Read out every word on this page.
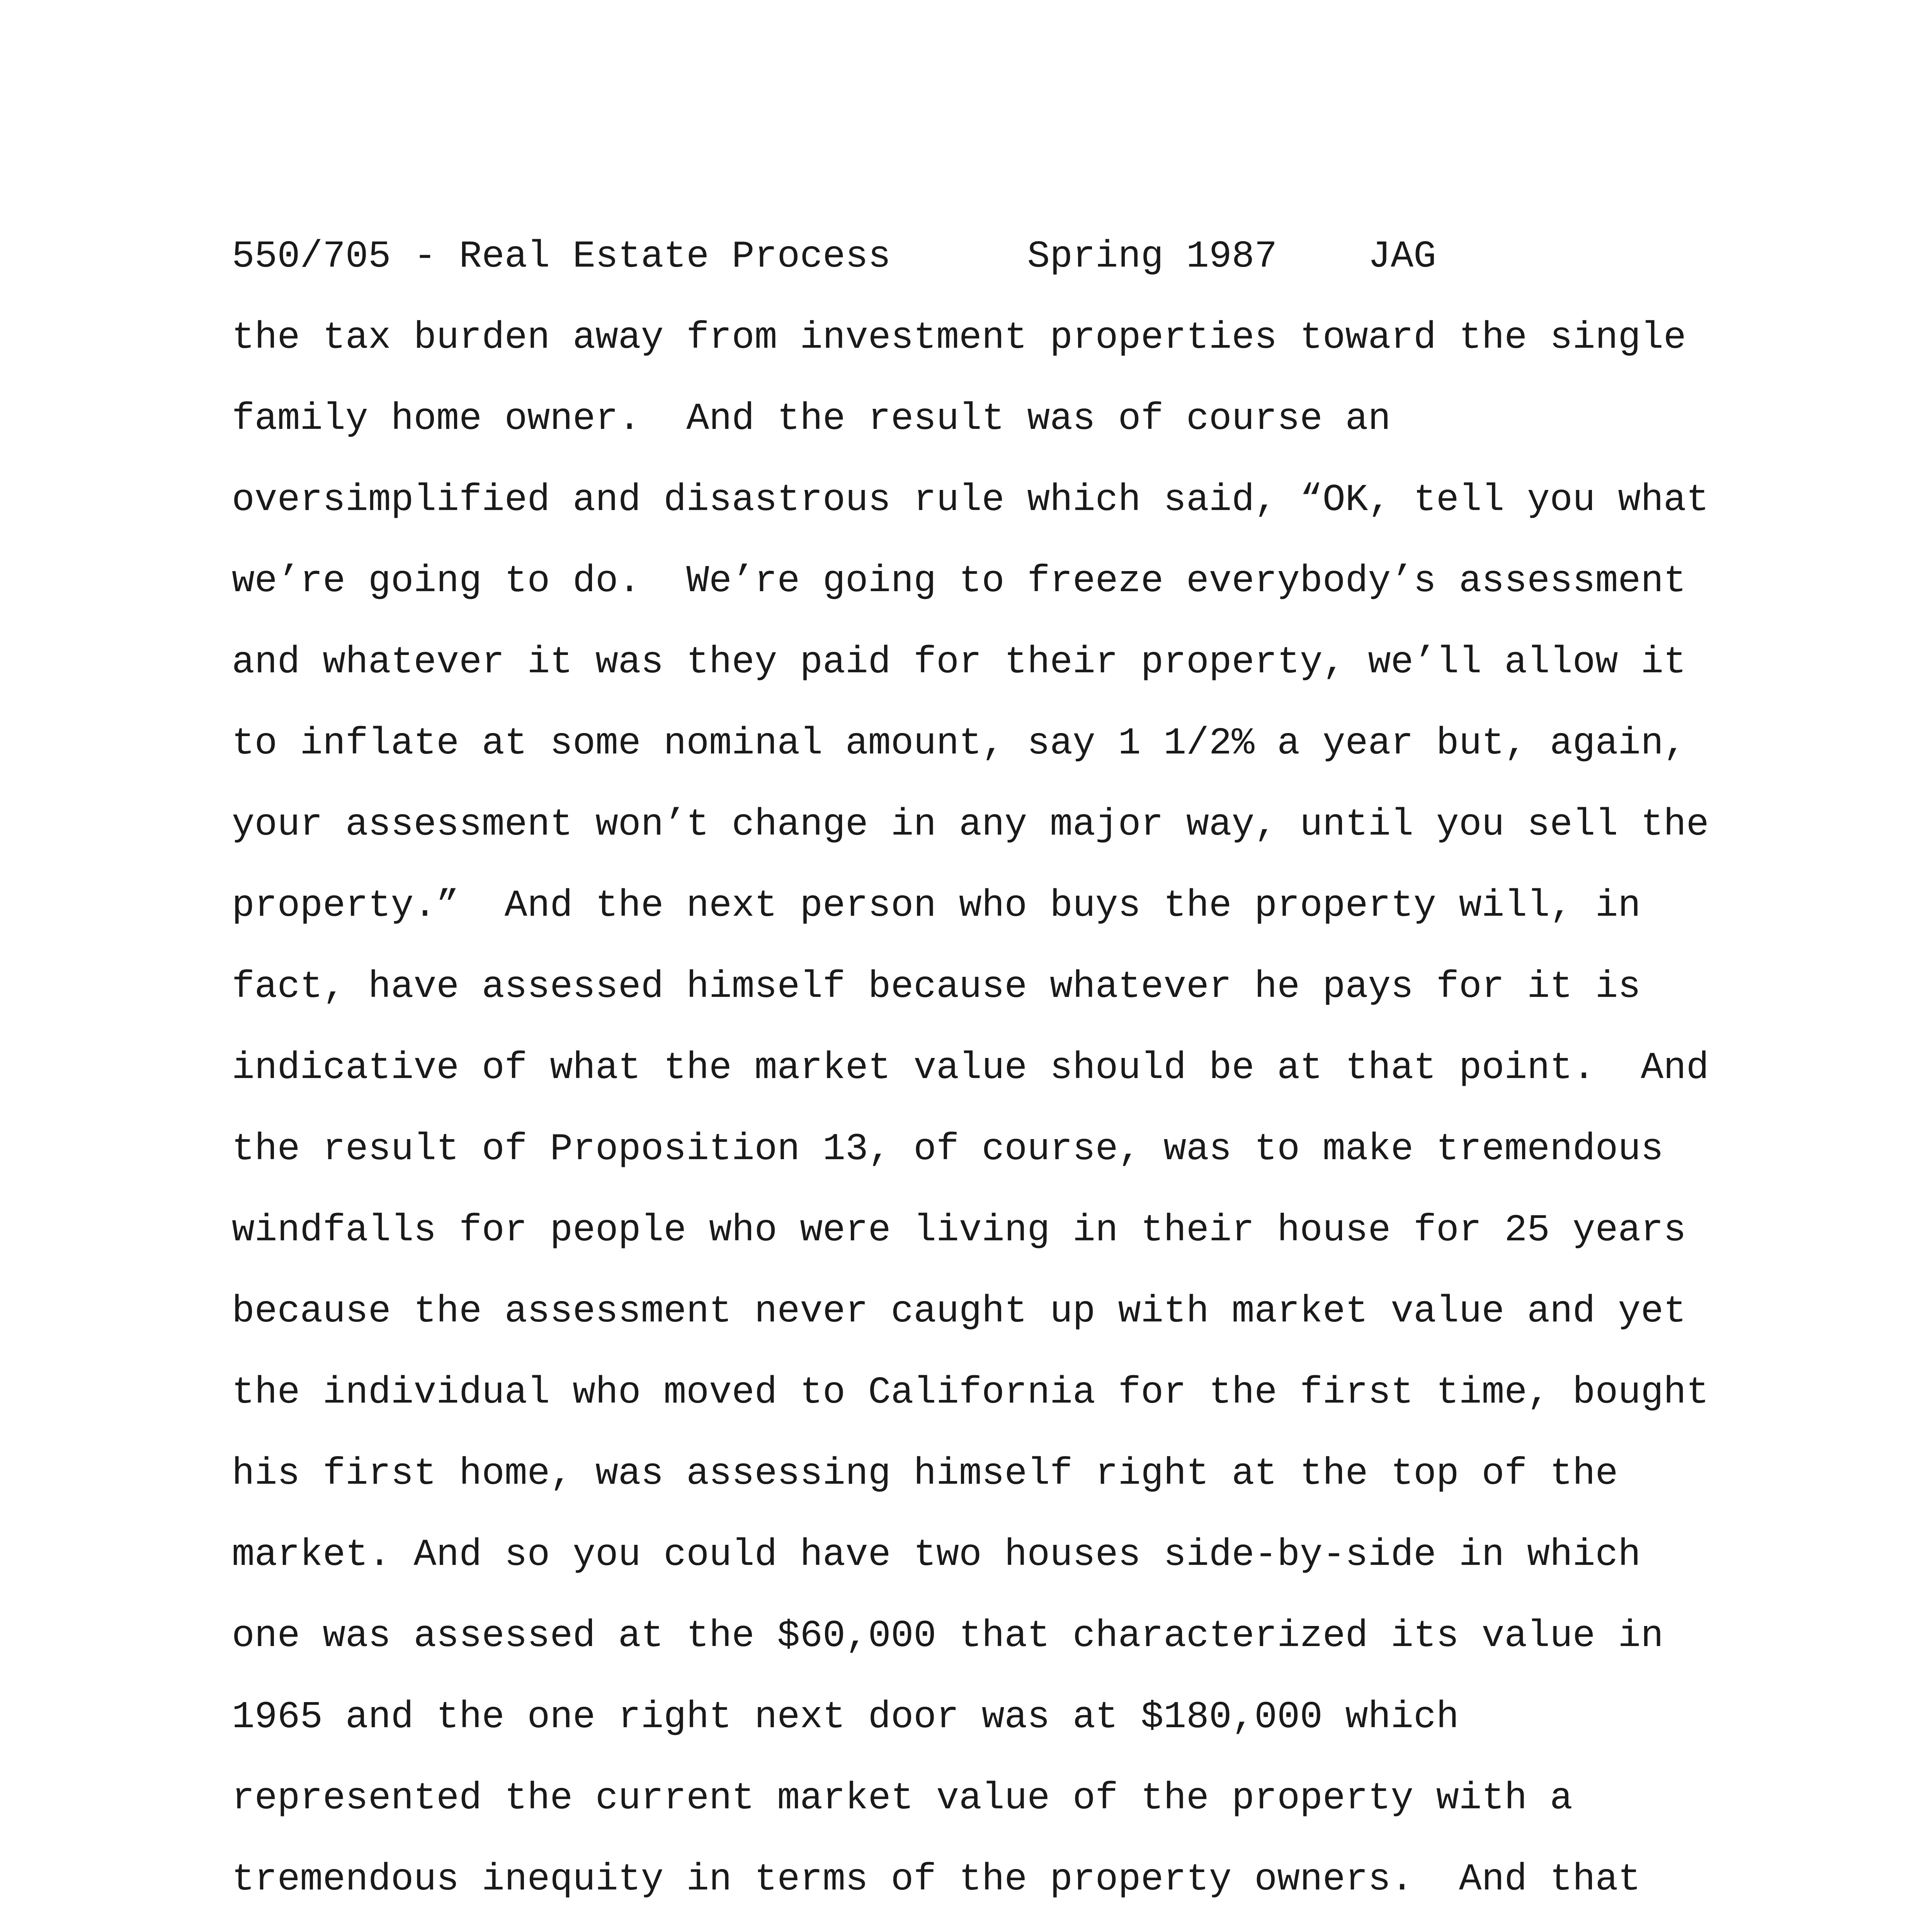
550/705 - Real Estate Process	Spring 1987 JAG
the tax burden away from investment properties toward the single
family home owner.  And the result was of course an
oversimplified and disastrous rule which said, “OK, tell you what
we’re going to do.  We’re going to freeze everybody’s assessment
and whatever it was they paid for their property, we’ll allow it
to inflate at some nominal amount, say 1 1/2% a year but, again,
your assessment won’t change in any major way, until you sell the
property.”  And the next person who buys the property will, in
fact, have assessed himself because whatever he pays for it is
indicative of what the market value should be at that point.  And
the result of Proposition 13, of course, was to make tremendous
windfalls for people who were living in their house for 25 years
because the assessment never caught up with market value and yet
the individual who moved to California for the first time, bought
his first home, was assessing himself right at the top of the
market. And so you could have two houses side-by-side in which
one was assessed at the $60,000 that characterized its value in
1965 and the one right next door was at $180,000 which
represented the current market value of the property with a
tremendous inequity in terms of the property owners.  And that
